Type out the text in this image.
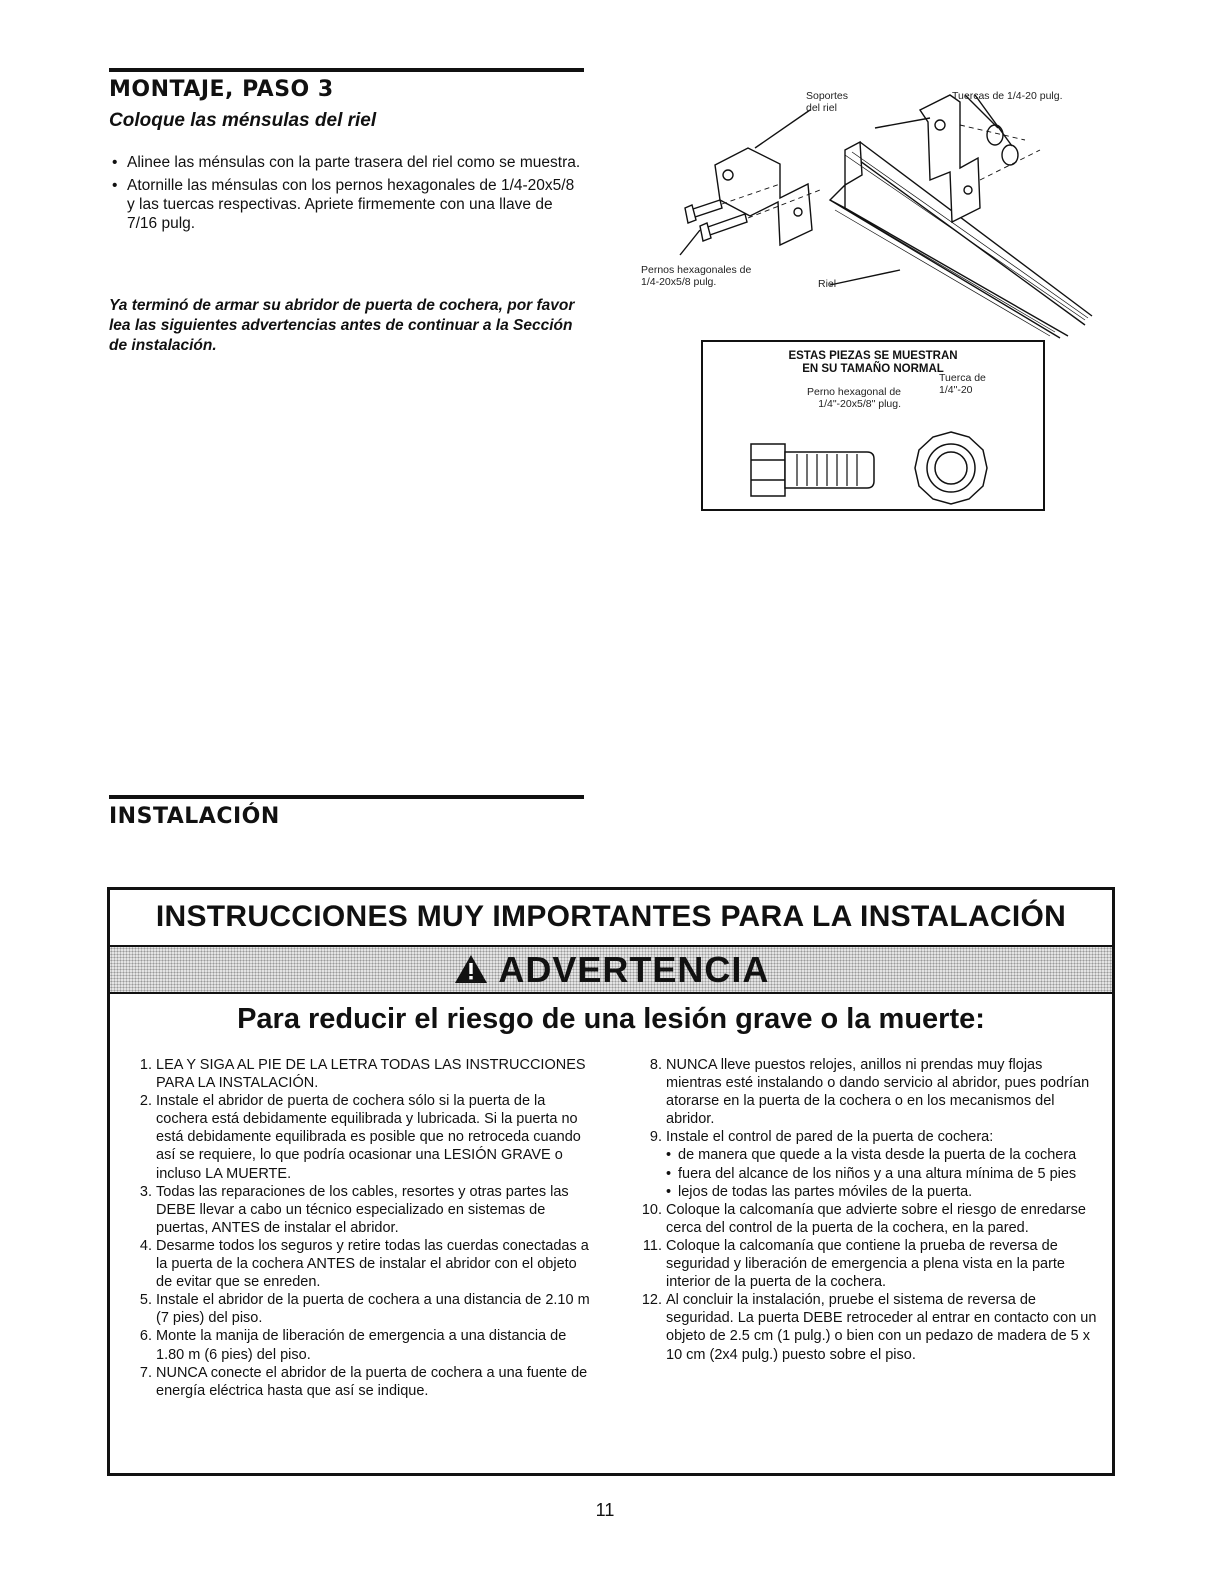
MONTAJE, PASO 3
Coloque las ménsulas del riel
• Alinee las ménsulas con la parte trasera del riel como se muestra.
• Atornille las ménsulas con los pernos hexagonales de 1/4-20x5/8 y las tuercas respectivas. Apriete firmemente con una llave de 7/16 pulg.
Ya terminó de armar su abridor de puerta de cochera, por favor lea las siguientes advertencias antes de continuar a la Sección de instalación.
Soportes del riel
Tuercas de 1/4-20 pulg.
Pernos hexagonales de 1/4-20x5/8 pulg.	Riel
ESTAS PIEZAS SE MUESTRAN
EN SU TAMAÑO NORMAL
Perno hexagonal de 1/4"-20x5/8" plug.
Tuerca de 1/4"-20
INSTALACIÓN
INSTRUCCIONES MUY IMPORTANTES PARA LA INSTALACIÓN
ADVERTENCIA
Para reducir el riesgo de una lesión grave o la muerte:
1. LEA Y SIGA AL PIE DE LA LETRA TODAS LAS INSTRUCCIONES PARA LA INSTALACIÓN.
2. Instale el abridor de puerta de cochera sólo si la puerta de la cochera está debidamente equilibrada y lubricada. Si la puerta no está debidamente equilibrada es posible que no retroceda cuando así se requiere, lo que podría ocasionar una LESIÓN GRAVE o incluso LA MUERTE.
3. Todas las reparaciones de los cables, resortes y otras partes las DEBE llevar a cabo un técnico especializado en sistemas de puertas, ANTES de instalar el abridor.
4. Desarme todos los seguros y retire todas las cuerdas conectadas a la puerta de la cochera ANTES de instalar el abridor con el objeto de evitar que se enreden.
5. Instale el abridor de la puerta de cochera a una distancia de 2.10 m (7 pies) del piso.
6. Monte la manija de liberación de emergencia a una distancia de 1.80 m (6 pies) del piso.
7. NUNCA conecte el abridor de la puerta de cochera a una fuente de energía eléctrica hasta que así se indique.
8. NUNCA lleve puestos relojes, anillos ni prendas muy flojas mientras esté instalando o dando servicio al abridor, pues podrían atorarse en la puerta de la cochera o en los mecanismos del abridor.
9. Instale el control de pared de la puerta de cochera:
• de manera que quede a la vista desde la puerta de la cochera
• fuera del alcance de los niños y a una altura mínima de 5 pies
• lejos de todas las partes móviles de la puerta.
10. Coloque la calcomanía que advierte sobre el riesgo de enredarse cerca del control de la puerta de la cochera, en la pared.
11. Coloque la calcomanía que contiene la prueba de reversa de seguridad y liberación de emergencia a plena vista en la parte interior de la puerta de la cochera.
12. Al concluir la instalación, pruebe el sistema de reversa de seguridad. La puerta DEBE retroceder al entrar en contacto con un objeto de 2.5 cm (1 pulg.) o bien con un pedazo de madera de 5 x 10 cm (2x4 pulg.) puesto sobre el piso.
11
